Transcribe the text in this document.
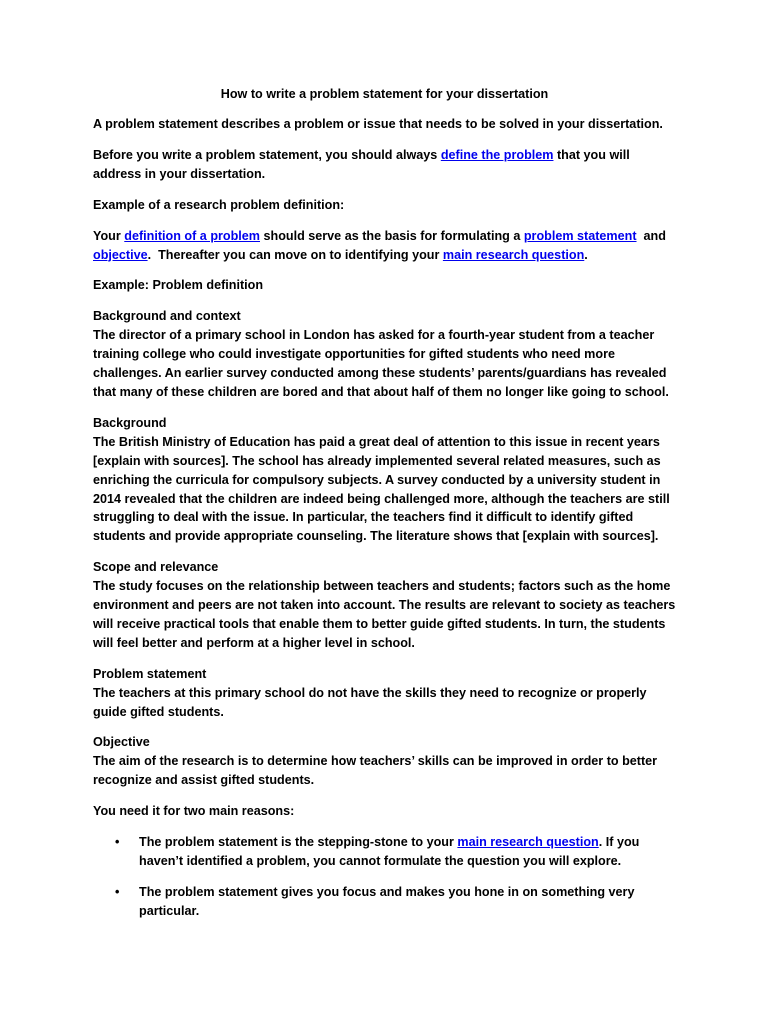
How to write a problem statement for your dissertation

A problem statement describes a problem or issue that needs to be solved in your dissertation.

Before you write a problem statement, you should always define the problem that you will address in your dissertation.

Example of a research problem definition:

Your definition of a problem should serve as the basis for formulating a problem statement  and objective.  Thereafter you can move on to identifying your main research question.

Example: Problem definition

Background and context

The director of a primary school in London has asked for a fourth-year student from a teacher training college who could investigate opportunities for gifted students who need more challenges. An earlier survey conducted among these students’ parents/guardians has revealed that many of these children are bored and that about half of them no longer like going to school.

Background

The British Ministry of Education has paid a great deal of attention to this issue in recent years [explain with sources]. The school has already implemented several related measures, such as enriching the curricula for compulsory subjects. A survey conducted by a university student in 2014 revealed that the children are indeed being challenged more, although the teachers are still struggling to deal with the issue. In particular, the teachers find it difficult to identify gifted students and provide appropriate counseling. The literature shows that [explain with sources].

Scope and relevance

The study focuses on the relationship between teachers and students; factors such as the home environment and peers are not taken into account. The results are relevant to society as teachers will receive practical tools that enable them to better guide gifted students. In turn, the students will feel better and perform at a higher level in school.

Problem statement

The teachers at this primary school do not have the skills they need to recognize or properly guide gifted students.

Objective

The aim of the research is to determine how teachers’ skills can be improved in order to better recognize and assist gifted students.

You need it for two main reasons:

• The problem statement is the stepping-stone to your main research question. If you haven’t identified a problem, you cannot formulate the question you will explore.
• The problem statement gives you focus and makes you hone in on something very particular.
